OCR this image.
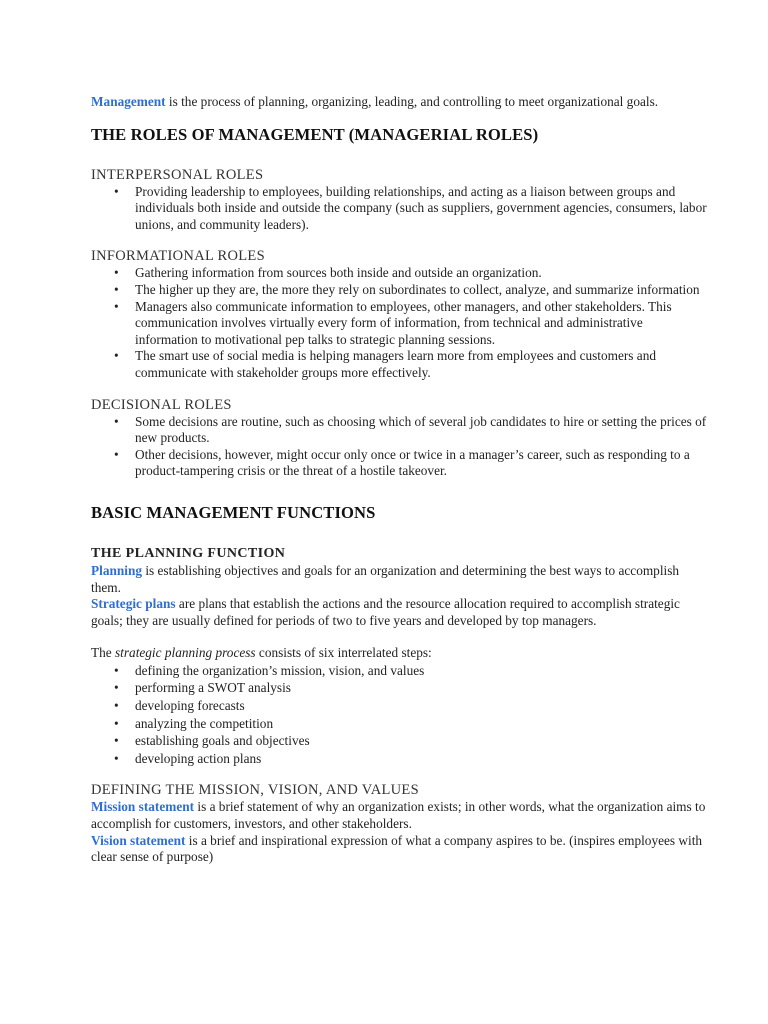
Management is the process of planning, organizing, leading, and controlling to meet organizational goals.

THE ROLES OF MANAGEMENT (MANAGERIAL ROLES)
INTERPERSONAL ROLES
• Providing leadership to employees, building relationships, and acting as a liaison between groups and individuals both inside and outside the company (such as suppliers, government agencies, consumers, labor unions, and community leaders).
INFORMATIONAL ROLES
• Gathering information from sources both inside and outside an organization.
• The higher up they are, the more they rely on subordinates to collect, analyze, and summarize information
• Managers also communicate information to employees, other managers, and other stakeholders. This communication involves virtually every form of information, from technical and administrative information to motivational pep talks to strategic planning sessions.
• The smart use of social media is helping managers learn more from employees and customers and communicate with stakeholder groups more effectively.
DECISIONAL ROLES
• Some decisions are routine, such as choosing which of several job candidates to hire or setting the prices of new products.
• Other decisions, however, might occur only once or twice in a manager’s career, such as responding to a product-tampering crisis or the threat of a hostile takeover.
BASIC MANAGEMENT FUNCTIONS
THE PLANNING FUNCTION

Planning is establishing objectives and goals for an organization and determining the best ways to accomplish them.

Strategic plans are plans that establish the actions and the resource allocation required to accomplish strategic goals; they are usually defined for periods of two to five years and developed by top managers.

The strategic planning process consists of six interrelated steps:

• defining the organization’s mission, vision, and values
• performing a SWOT analysis
• developing forecasts
• analyzing the competition
• establishing goals and objectives
• developing action plans
DEFINING THE MISSION, VISION, AND VALUES

Mission statement is a brief statement of why an organization exists; in other words, what the organization aims to accomplish for customers, investors, and other stakeholders.

Vision statement is a brief and inspirational expression of what a company aspires to be. (inspires employees with clear sense of purpose)
